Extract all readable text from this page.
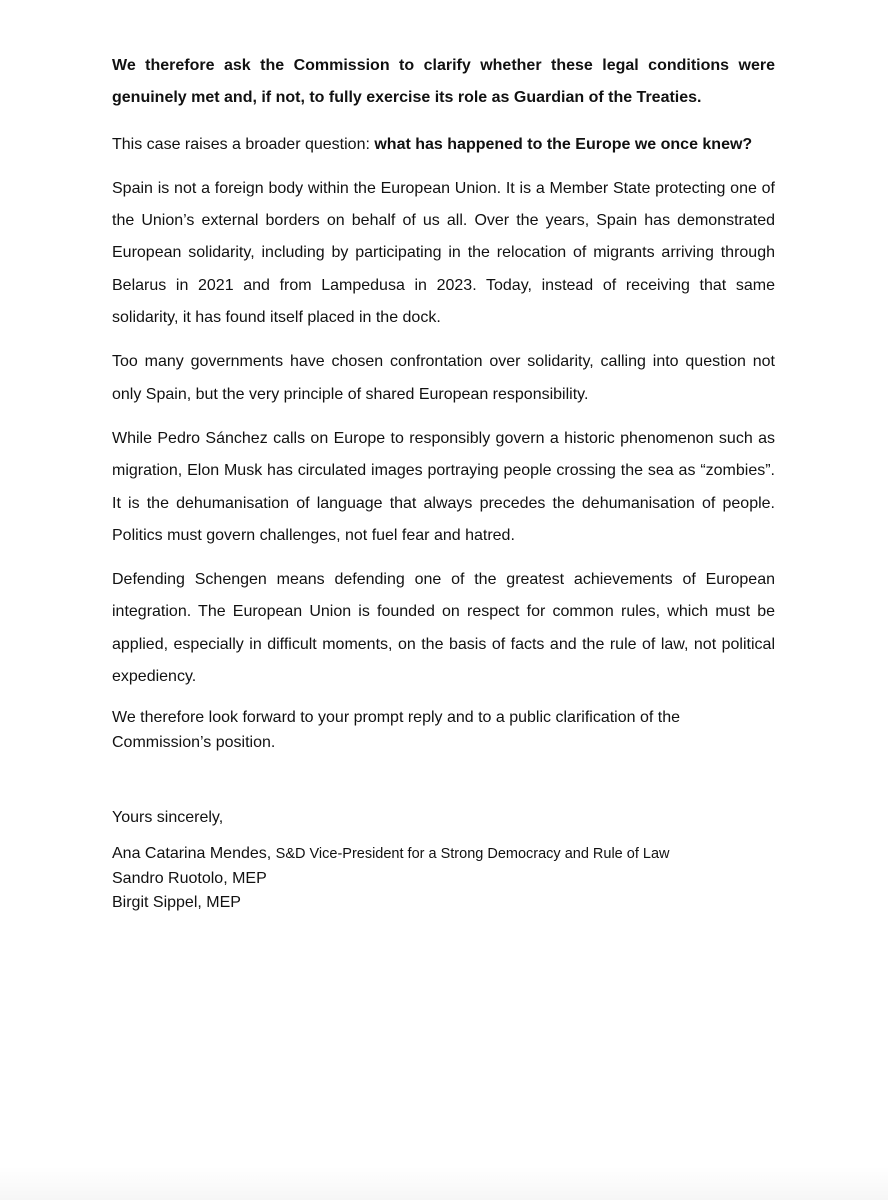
We therefore ask the Commission to clarify whether these legal conditions were genuinely met and, if not, to fully exercise its role as Guardian of the Treaties.

This case raises a broader question: what has happened to the Europe we once knew?

Spain is not a foreign body within the European Union. It is a Member State protecting one of the Union’s external borders on behalf of us all. Over the years, Spain has demonstrated European solidarity, including by participating in the relocation of migrants arriving through Belarus in 2021 and from Lampedusa in 2023. Today, instead of receiving that same solidarity, it has found itself placed in the dock.

Too many governments have chosen confrontation over solidarity, calling into question not only Spain, but the very principle of shared European responsibility.

While Pedro Sánchez calls on Europe to responsibly govern a historic phenomenon such as migration, Elon Musk has circulated images portraying people crossing the sea as “zombies”. It is the dehumanisation of language that always precedes the dehumanisation of people. Politics must govern challenges, not fuel fear and hatred.

Defending Schengen means defending one of the greatest achievements of European integration. The European Union is founded on respect for common rules, which must be applied, especially in difficult moments, on the basis of facts and the rule of law, not political expediency.

We therefore look forward to your prompt reply and to a public clarification of the Commission’s position.

Yours sincerely,

Ana Catarina Mendes, S&D Vice-President for a Strong Democracy and Rule of Law
Sandro Ruotolo, MEP
Birgit Sippel, MEP
